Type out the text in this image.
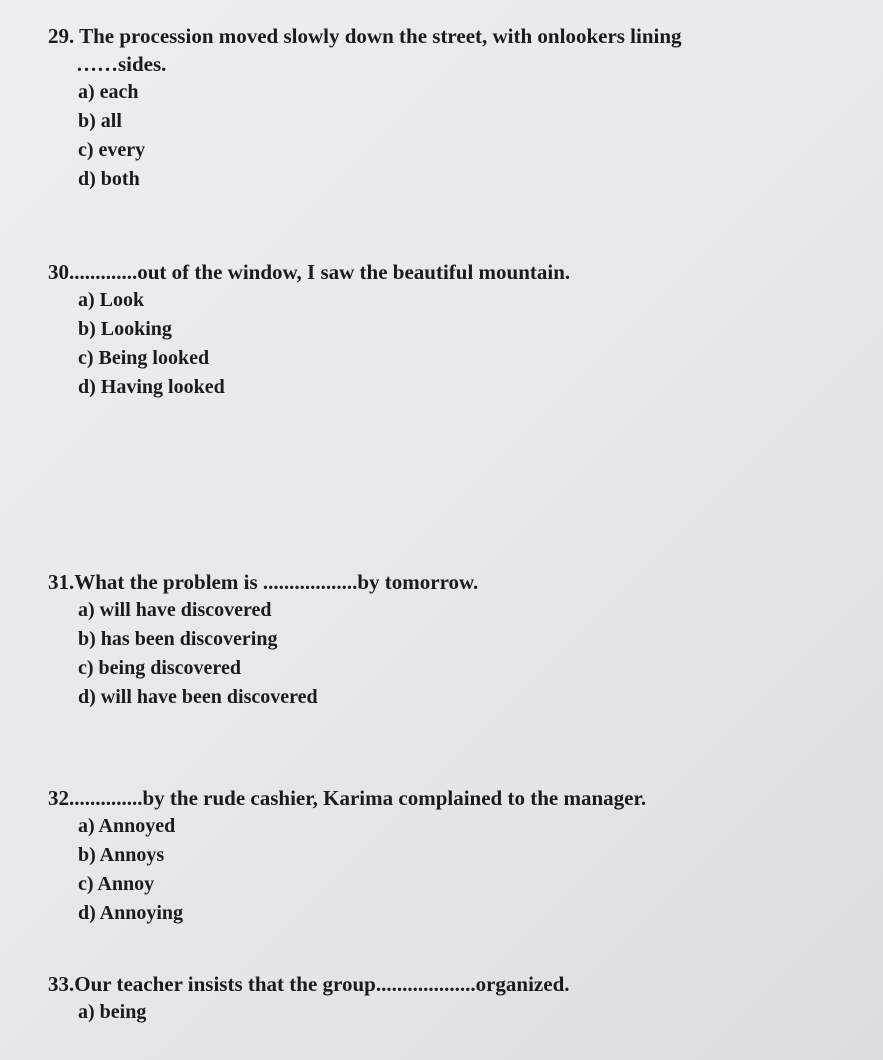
29. The procession moved slowly down the street, with onlookers lining
……sides.

a) each
b) all
c) every
d) both

30.............out of the window, I saw the beautiful mountain.

a) Look
b) Looking
c) Being looked
d) Having looked

31.What the problem is ..................by tomorrow.

a) will have discovered
b) has been discovering
c) being discovered
d) will have been discovered

32..............by the rude cashier, Karima complained to the manager.

a) Annoyed
b) Annoys
c) Annoy
d) Annoying

33.Our teacher insists that the group...................organized.

a) being
